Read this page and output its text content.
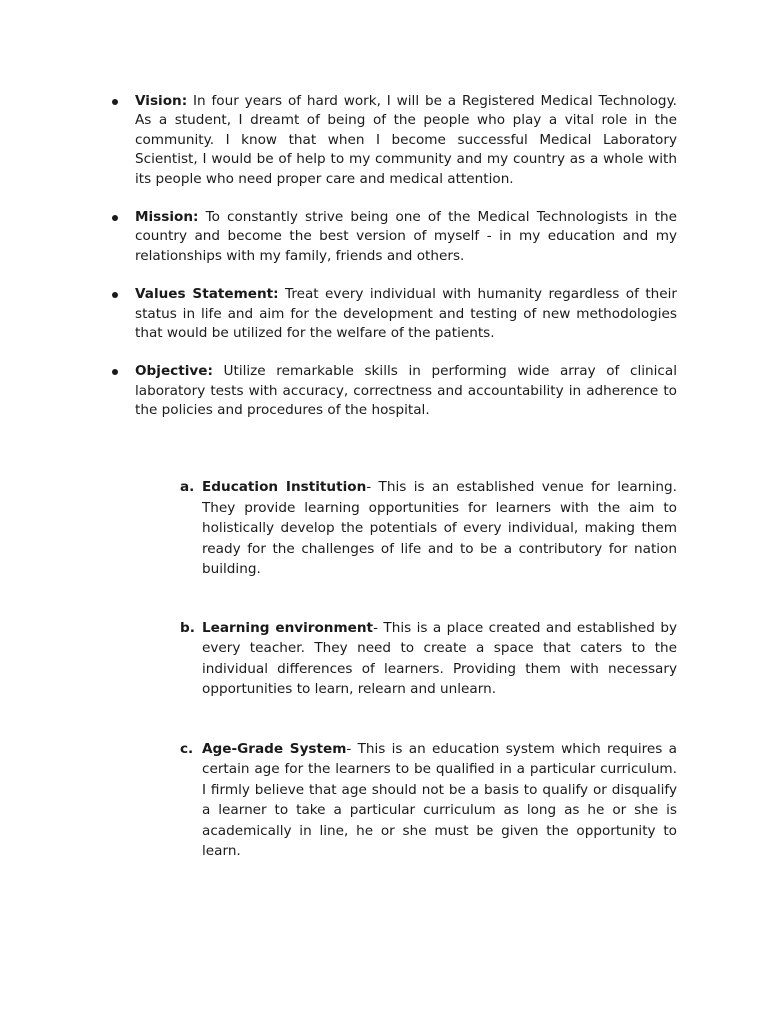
Vision: In four years of hard work, I will be a Registered Medical Technology. As a student, I dreamt of being of the people who play a vital role in the community. I know that when I become successful Medical Laboratory Scientist, I would be of help to my community and my country as a whole with its people who need proper care and medical attention.
Mission: To constantly strive being one of the Medical Technologists in the country and become the best version of myself - in my education and my relationships with my family, friends and others.
Values Statement: Treat every individual with humanity regardless of their status in life and aim for the development and testing of new methodologies that would be utilized for the welfare of the patients.
Objective: Utilize remarkable skills in performing wide array of clinical laboratory tests with accuracy, correctness and accountability in adherence to the policies and procedures of the hospital.
a. Education Institution- This is an established venue for learning. They provide learning opportunities for learners with the aim to holistically develop the potentials of every individual, making them ready for the challenges of life and to be a contributory for nation building.
b. Learning environment- This is a place created and established by every teacher. They need to create a space that caters to the individual differences of learners. Providing them with necessary opportunities to learn, relearn and unlearn.
c. Age-Grade System- This is an education system which requires a certain age for the learners to be qualified in a particular curriculum. I firmly believe that age should not be a basis to qualify or disqualify a learner to take a particular curriculum as long as he or she is academically in line, he or she must be given the opportunity to learn.
